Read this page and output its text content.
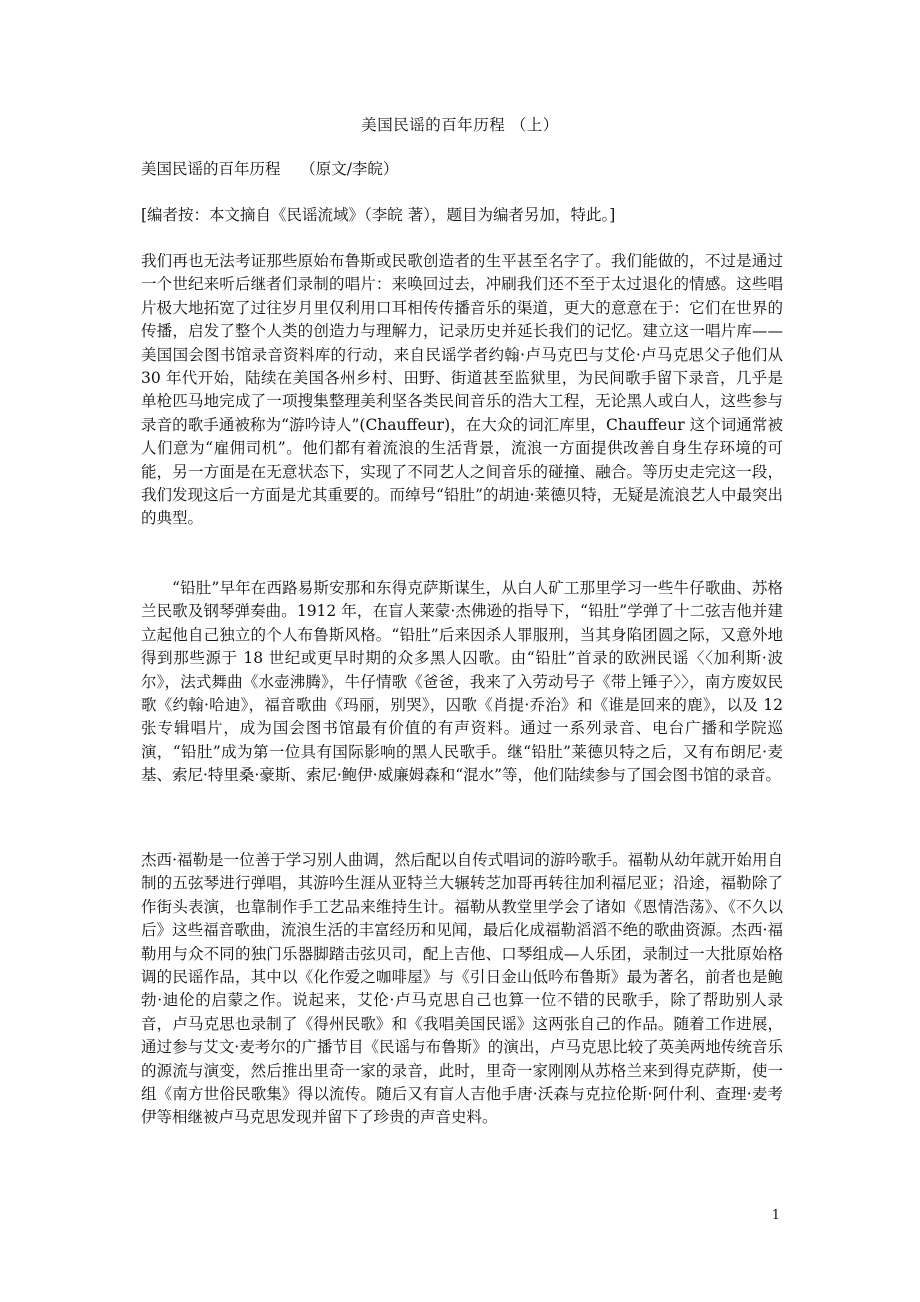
美国民谣的百年历程 （上）
美国民谣的百年历程    （原文/李皖）
[编者按：本文摘自《民谣流域》（李皖 著），题目为编者另加，特此。]

我们再也无法考证那些原始布鲁斯或民歌创造者的生平甚至名字了。我们能做的，不过是通过一个世纪来听后继者们录制的唱片：来唤回过去，冲刷我们还不至于太过退化的情感。这些唱片极大地拓宽了过往岁月里仅利用口耳相传传播音乐的渠道，更大的意意在于：它们在世界的传播，启发了整个人类的创造力与理解力，记录历史并延长我们的记忆。建立这一唱片库——美国国会图书馆录音资料库的行动，来自民谣学者约翰·卢马克巴与艾伦·卢马克思父子他们从 30 年代开始，陆续在美国各州乡村、田野、街道甚至监狱里，为民间歌手留下录音，几乎是单枪匹马地完成了一项搜集整理美利坚各类民间音乐的浩大工程，无论黑人或白人，这些参与录音的歌手通被称为“游吟诗人”(Chauffeur)，在大众的词汇库里，Chauffeur 这个词通常被人们意为“雇佣司机”。他们都有着流浪的生活背景，流浪一方面提供改善自身生存环境的可能，另一方面是在无意状态下，实现了不同艺人之间音乐的碰撞、融合。等历史走完这一段，我们发现这后一方面是尤其重要的。而绰号“铅肚”的胡迪·莱德贝特，无疑是流浪艺人中最突出的典型。

“铅肚”早年在西路易斯安那和东得克萨斯谋生，从白人矿工那里学习一些牛仔歌曲、苏格兰民歌及钢琴弹奏曲。1912 年，在盲人莱蒙·杰佛逊的指导下，“铅肚”学弹了十二弦吉他并建立起他自己独立的个人布鲁斯风格。“铅肚”后来因杀人罪服刑，当其身陷团圆之际，又意外地得到那些源于 18 世纪或更早时期的众多黑人囚歌。由“铅肚”首录的欧洲民谣〈〈加利斯·波尔》，法式舞曲《水壶沸腾》，牛仔情歌《爸爸，我来了入劳动号子《带上锤子〉〉，南方废奴民歌《约翰·哈迪》，福音歌曲《玛丽，别哭》，囚歌《肖提·乔治》和《谁是回来的鹿》，以及 12 张专辑唱片，成为国会图书馆最有价值的有声资料。通过一系列录音、电台广播和学院巡演，“铅肚”成为第一位具有国际影响的黑人民歌手。继“铅肚”莱德贝特之后，又有布朗尼·麦基、索尼·特里桑·豪斯、索尼·鲍伊·威廉姆森和“混水”等，他们陆续参与了国会图书馆的录音。

杰西·福勒是一位善于学习别人曲调，然后配以自传式唱词的游吟歌手。福勒从幼年就开始用自制的五弦琴进行弹唱，其游吟生涯从亚特兰大辗转芝加哥再转往加利福尼亚；沿途，福勒除了作街头表演，也靠制作手工艺品来维持生计。福勒从教堂里学会了诸如《恩情浩荡》、《不久以后》这些福音歌曲，流浪生活的丰富经历和见闻，最后化成福勒滔滔不绝的歌曲资源。杰西·福勒用与众不同的独门乐器脚踏击弦贝司，配上吉他、口琴组成—人乐团，录制过一大批原始格调的民谣作品，其中以《化作爱之咖啡屋》与《引日金山低吟布鲁斯》最为著名，前者也是鲍勃·迪伦的启蒙之作。说起来，艾伦·卢马克思自己也算一位不错的民歌手，除了帮助别人录音，卢马克思也录制了《得州民歌》和《我唱美国民谣》这两张自己的作品。随着工作进展，通过参与艾文·麦考尔的广播节目《民谣与布鲁斯》的演出，卢马克思比较了英美两地传统音乐的源流与演变，然后推出里奇一家的录音，此时，里奇一家刚刚从苏格兰来到得克萨斯，使一组《南方世俗民歌集》得以流传。随后又有盲人吉他手唐·沃森与克拉伦斯·阿什利、查理·麦考伊等相继被卢马克思发现并留下了珍贵的声音史料。

1
